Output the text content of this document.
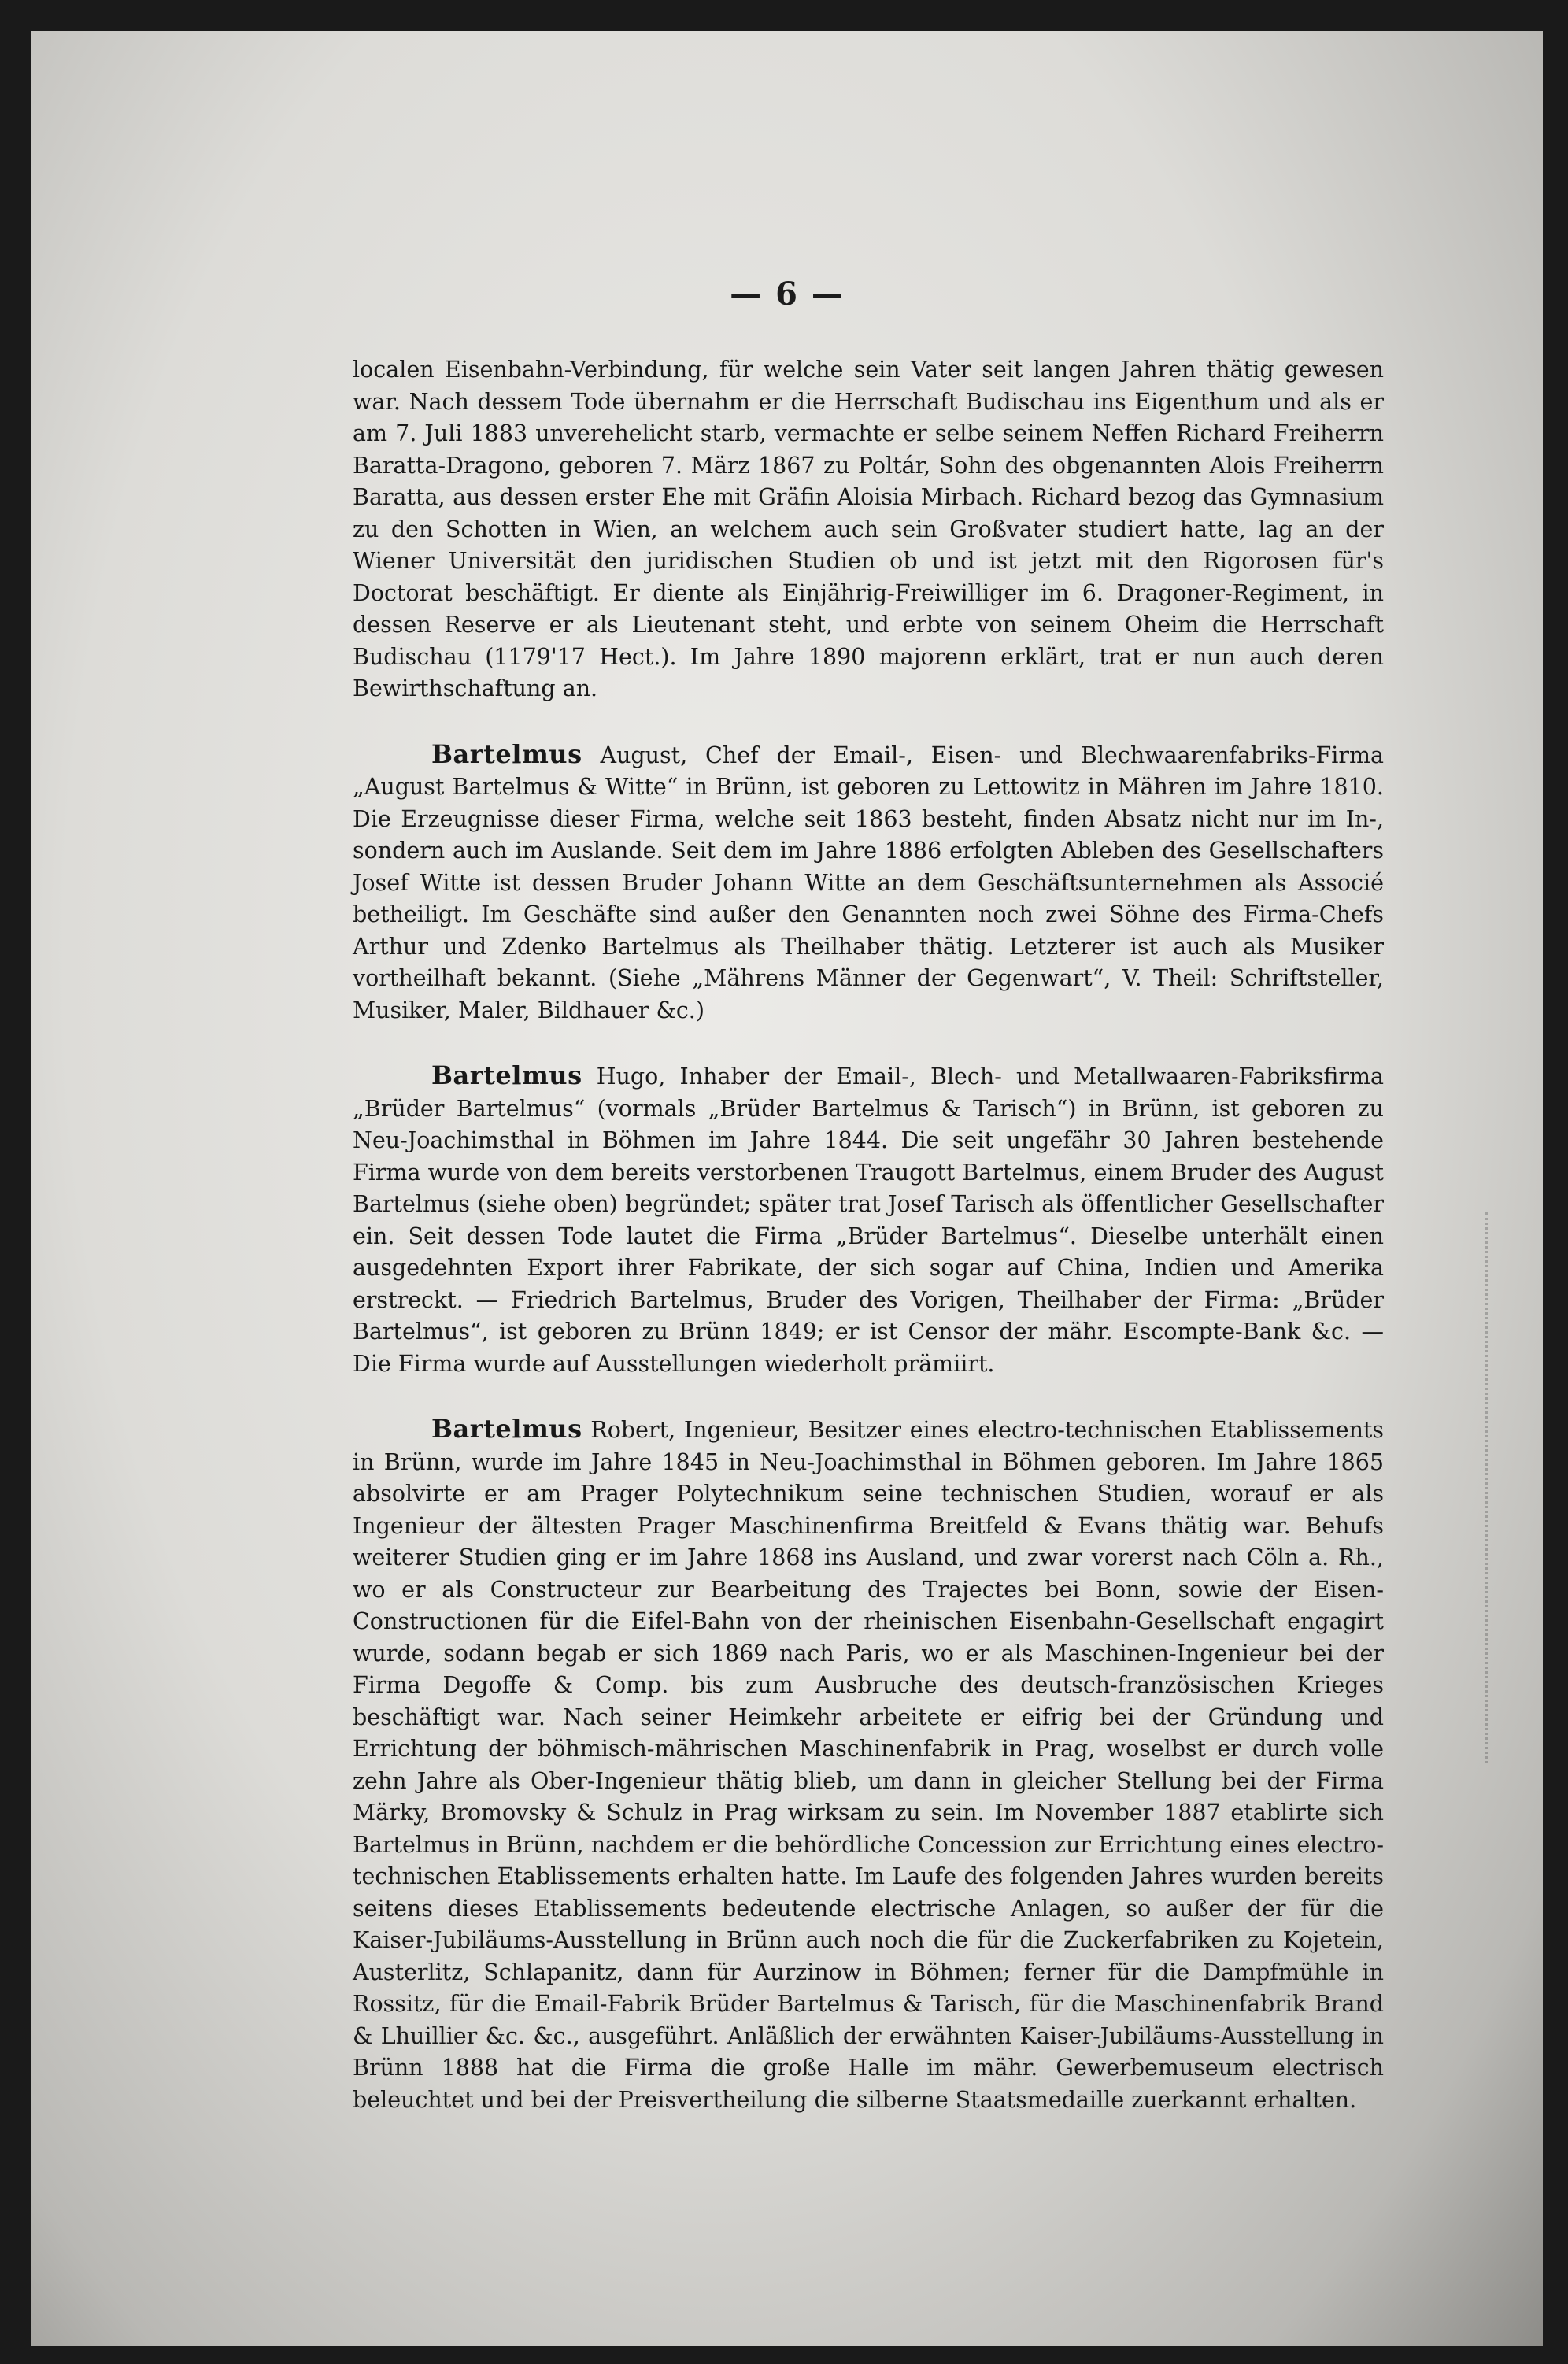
— 6 —

localen Eisenbahn-Verbindung, für welche sein Vater seit langen Jahren thätig gewesen war. Nach dessem Tode übernahm er die Herrschaft Budischau ins Eigenthum und als er am 7. Juli 1883 unverehelicht starb, vermachte er selbe seinem Neffen Richard Freiherrn Baratta-Dragono, geboren 7. März 1867 zu Poltár, Sohn des obgenannten Alois Freiherrn Baratta, aus dessen erster Ehe mit Gräfin Aloisia Mirbach. Richard bezog das Gymnasium zu den Schotten in Wien, an welchem auch sein Großvater studiert hatte, lag an der Wiener Universität den juridischen Studien ob und ist jetzt mit den Rigorosen für's Doctorat beschäftigt. Er diente als Einjährig-Freiwilliger im 6. Dragoner-Regiment, in dessen Reserve er als Lieutenant steht, und erbte von seinem Oheim die Herrschaft Budischau (1179'17 Hect.). Im Jahre 1890 majorenn erklärt, trat er nun auch deren Bewirthschaftung an.

Bartelmus August, Chef der Email-, Eisen- und Blechwaarenfabriks-Firma „August Bartelmus & Witte“ in Brünn, ist geboren zu Lettowitz in Mähren im Jahre 1810. Die Erzeugnisse dieser Firma, welche seit 1863 besteht, finden Absatz nicht nur im In-, sondern auch im Auslande. Seit dem im Jahre 1886 erfolgten Ableben des Gesellschafters Josef Witte ist dessen Bruder Johann Witte an dem Geschäftsunternehmen als Associé betheiligt. Im Geschäfte sind außer den Genannten noch zwei Söhne des Firma-Chefs Arthur und Zdenko Bartelmus als Theilhaber thätig. Letzterer ist auch als Musiker vortheilhaft bekannt. (Siehe „Mährens Männer der Gegenwart“, V. Theil: Schriftsteller, Musiker, Maler, Bildhauer &c.)

Bartelmus Hugo, Inhaber der Email-, Blech- und Metallwaaren-Fabriksfirma „Brüder Bartelmus“ (vormals „Brüder Bartelmus & Tarisch“) in Brünn, ist geboren zu Neu-Joachimsthal in Böhmen im Jahre 1844. Die seit ungefähr 30 Jahren bestehende Firma wurde von dem bereits verstorbenen Traugott Bartelmus, einem Bruder des August Bartelmus (siehe oben) begründet; später trat Josef Tarisch als öffentlicher Gesellschafter ein. Seit dessen Tode lautet die Firma „Brüder Bartelmus“. Dieselbe unterhält einen ausgedehnten Export ihrer Fabrikate, der sich sogar auf China, Indien und Amerika erstreckt. — Friedrich Bartelmus, Bruder des Vorigen, Theilhaber der Firma: „Brüder Bartelmus“, ist geboren zu Brünn 1849; er ist Censor der mähr. Escompte-Bank &c. — Die Firma wurde auf Ausstellungen wiederholt prämiirt.

Bartelmus Robert, Ingenieur, Besitzer eines electro-technischen Etablissements in Brünn, wurde im Jahre 1845 in Neu-Joachimsthal in Böhmen geboren. Im Jahre 1865 absolvirte er am Prager Polytechnikum seine technischen Studien, worauf er als Ingenieur der ältesten Prager Maschinenfirma Breitfeld & Evans thätig war. Behufs weiterer Studien ging er im Jahre 1868 ins Ausland, und zwar vorerst nach Cöln a. Rh., wo er als Constructeur zur Bearbeitung des Trajectes bei Bonn, sowie der Eisen-Constructionen für die Eifel-Bahn von der rheinischen Eisenbahn-Gesellschaft engagirt wurde, sodann begab er sich 1869 nach Paris, wo er als Maschinen-Ingenieur bei der Firma Degoffe & Comp. bis zum Ausbruche des deutsch-französischen Krieges beschäftigt war. Nach seiner Heimkehr arbeitete er eifrig bei der Gründung und Errichtung der böhmisch-mährischen Maschinenfabrik in Prag, woselbst er durch volle zehn Jahre als Ober-Ingenieur thätig blieb, um dann in gleicher Stellung bei der Firma Märky, Bromovsky & Schulz in Prag wirksam zu sein. Im November 1887 etablirte sich Bartelmus in Brünn, nachdem er die behördliche Concession zur Errichtung eines electro-technischen Etablissements erhalten hatte. Im Laufe des folgenden Jahres wurden bereits seitens dieses Etablissements bedeutende electrische Anlagen, so außer der für die Kaiser-Jubiläums-Ausstellung in Brünn auch noch die für die Zuckerfabriken zu Kojetein, Austerlitz, Schlapanitz, dann für Aurzinow in Böhmen; ferner für die Dampfmühle in Rossitz, für die Email-Fabrik Brüder Bartelmus & Tarisch, für die Maschinenfabrik Brand & Lhuillier &c. &c., ausgeführt. Anläßlich der erwähnten Kaiser-Jubiläums-Ausstellung in Brünn 1888 hat die Firma die große Halle im mähr. Gewerbemuseum electrisch beleuchtet und bei der Preisvertheilung die silberne Staatsmedaille zuerkannt erhalten.
